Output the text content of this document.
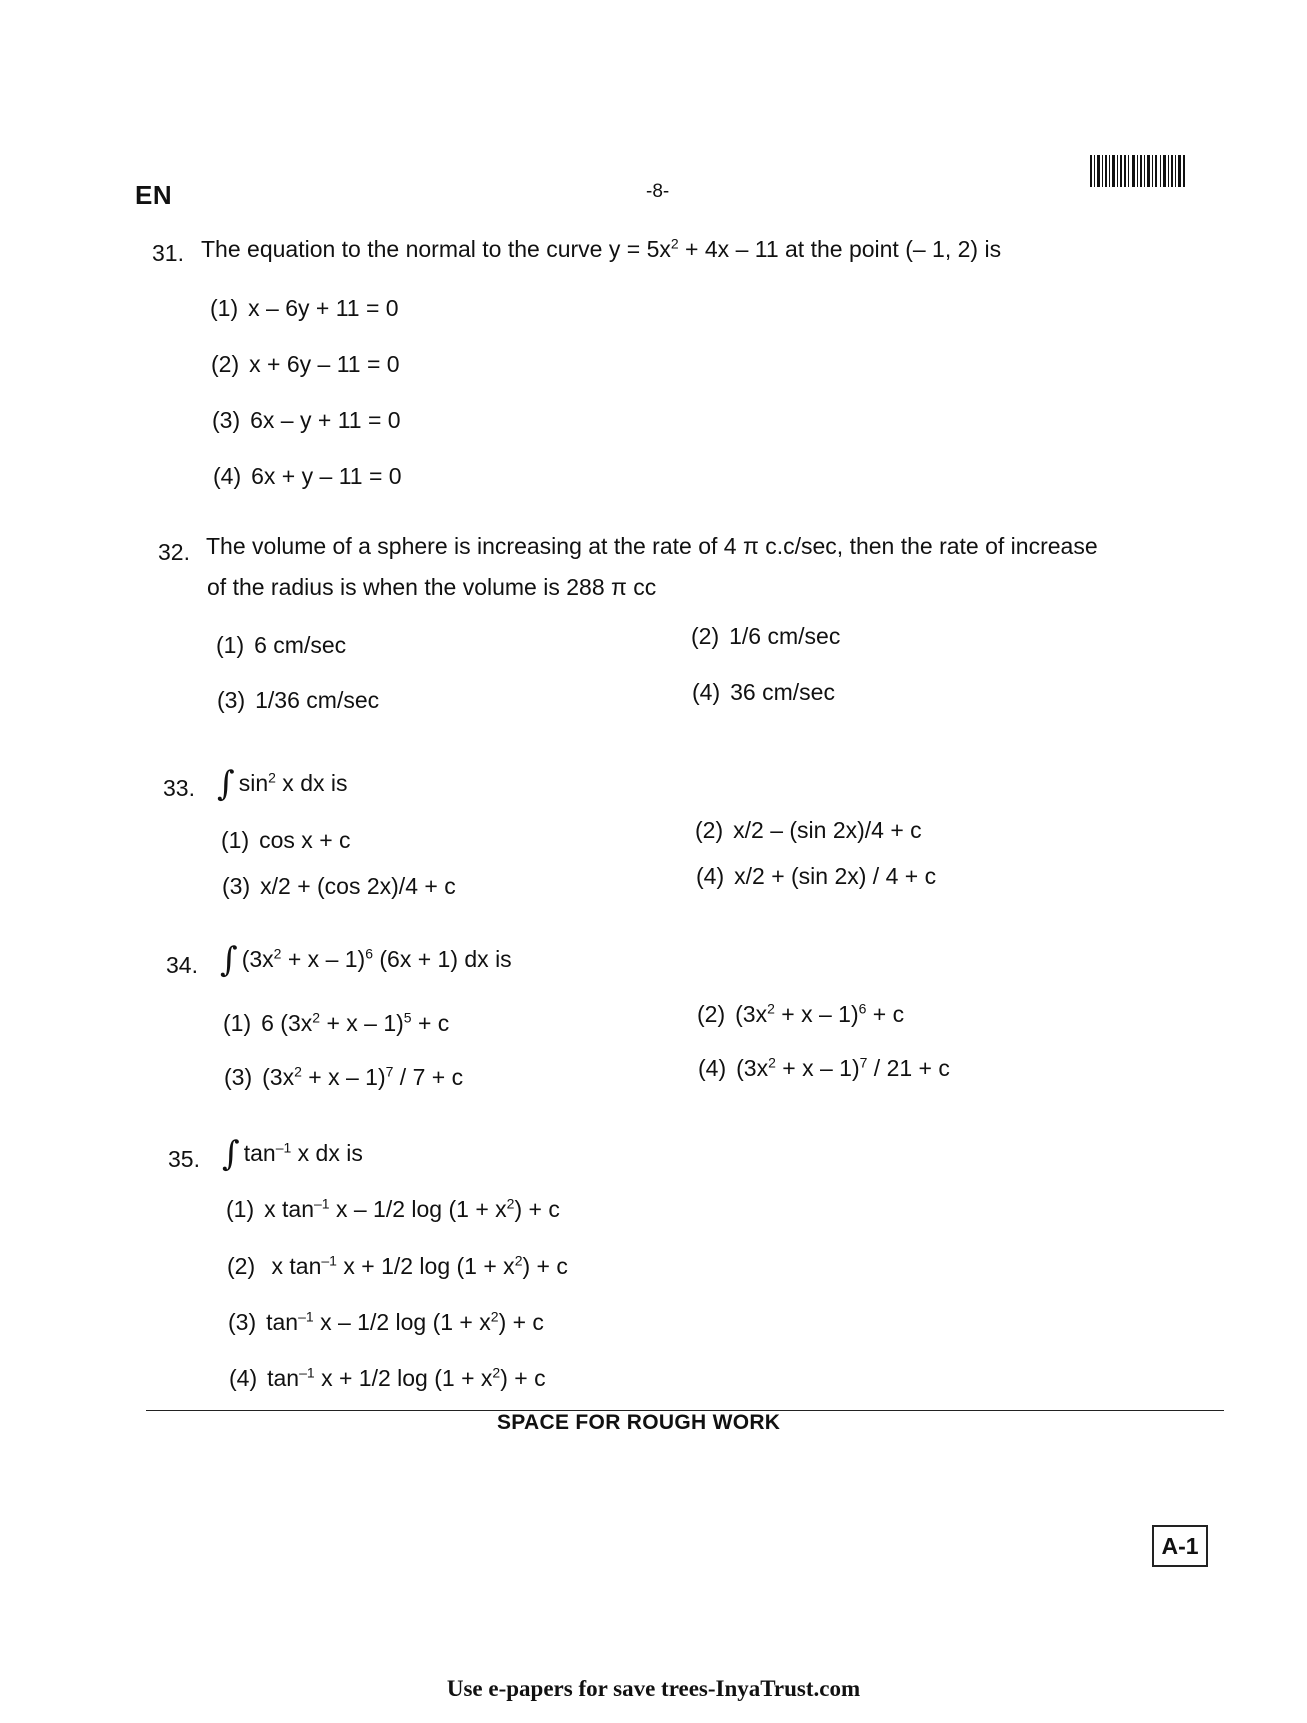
EN	-8-
31. The equation to the normal to the curve $y = 5x^2 + 4x - 11$ at the point (– 1, 2) is
(1) x – 6y + 11 = 0
(2) x + 6y – 11 = 0
(3) 6x – y + 11 = 0
(4) 6x + y – 11 = 0
32. The volume of a sphere is increasing at the rate of 4 π c.c/sec, then the rate of increase
of the radius is when the volume is 288 π cc
(1) 6 cm/sec	(2) 1/6 cm/sec
(3) 1/36 cm/sec	(4) 36 cm/sec
33. ∫ $\sin^2 x$ dx is
(1) cos x + c	(2) x/2 – (sin 2x)/4 + c
(3) x/2 + (cos 2x)/4 + c	(4) x/2 + (sin 2x) / 4 + c
34. ∫ $(3x^2 + x - 1)^6$ (6x + 1) dx is
(1) 6 $(3x^2 + x - 1)^5 + c$	(2) $(3x^2 + x - 1)^6 + c$
(3) $(3x^2 + x - 1)^7 / 7 + c$	(4) $(3x^2 + x - 1)^7 / 21 + c$
35. ∫ $\tan^{-1} x$ dx is
(1) x $\tan^{-1} x - 1/2$ $\log (1 + x^2) + c$
(2) x $\tan^{-1} x + 1/2$ $\log (1 + x^2) + c$
(3) $\tan^{-1} x - 1/2$ $\log (1 + x^2) + c$
(4) $\tan^{-1} x + 1/2$ $\log (1 + x^2) + c$
SPACE FOR ROUGH WORK
A-1
Use e-papers for save trees-InyaTrust.com
